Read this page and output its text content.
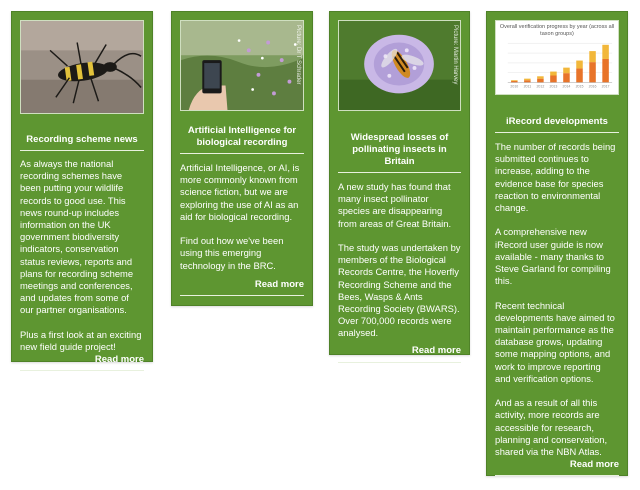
Recording scheme news
As always the national recording schemes have been putting your wildlife records to good use. This news round-up includes information on the UK government biodiversity indicators, conservation status reviews, reports and plans for recording scheme meetings and conferences, and updates from some of our partner organisations.

Plus a first look at an exciting new field guide project!
Read more
Picture: Dr T Schrader
Artificial Intelligence for biological recording
Artificial Intelligence, or AI, is more commonly known from science fiction, but we are exploring the use of AI as an aid for biological recording.

Find out how we've been using this emerging technology in the BRC.
Read more
Picture: Martin Harvey
Widespread losses of pollinating insects in Britain
A new study has found that many insect pollinator species are disappearing from areas of Great Britain.

The study was undertaken by members of the Biological Records Centre, the Hoverfly Recording Scheme and the Bees, Wasps & Ants Recording Society (BWARS). Over 700,000 records were analysed.
Read more
Overall verification progress by year (across all taxon groups)
2010 2011 2012 2013 2014 2015 2016 2017
iRecord developments
The number of records being submitted continues to increase, adding to the evidence base for species reaction to environmental change.

A comprehensive new iRecord user guide is now available - many thanks to Steve Garland for compiling this.

Recent technical developments have aimed to maintain performance as the database grows, updating some mapping options, and work to improve reporting and verification options.

And as a result of all this activity, more records are accessible for research, planning and conservation, shared via the NBN Atlas.
Read more
